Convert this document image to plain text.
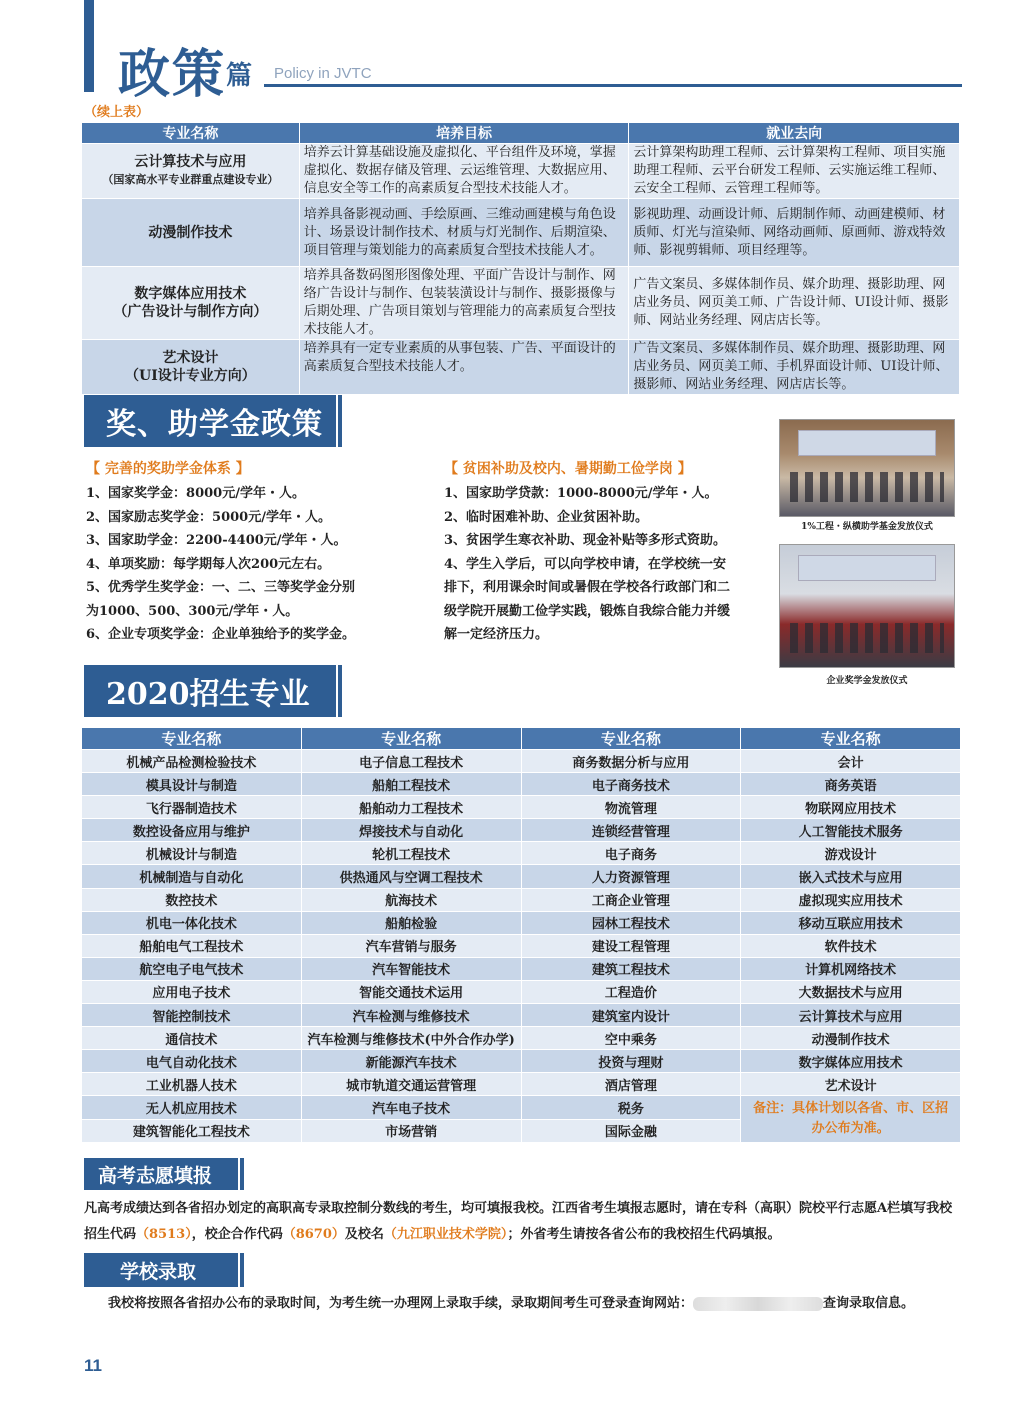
政策 篇 Policy in JVTC
（续上表）
专业名称	培养目标	就业去向
云计算技术与应用
（国家高水平专业群重点建设专业）	培养云计算基础设施及虚拟化、平台组件及环境，掌握虚拟化、数据存储及管理、云运维管理、大数据应用、信息安全等工作的高素质复合型技术技能人才。	云计算架构助理工程师、云计算架构工程师、项目实施助理工程师、云平台研发工程师、云实施运维工程师、云安全工程师、云管理工程师等。
动漫制作技术	培养具备影视动画、手绘原画、三维动画建模与角色设计、场景设计制作技术、材质与灯光制作、后期渲染、项目管理与策划能力的高素质复合型技术技能人才。	影视助理、动画设计师、后期制作师、动画建模师、材质师、灯光与渲染师、网络动画师、原画师、游戏特效师、影视剪辑师、项目经理等。
数字媒体应用技术
（广告设计与制作方向）	培养具备数码图形图像处理、平面广告设计与制作、网络广告设计与制作、包装装潢设计与制作、摄影摄像与后期处理、广告项目策划与管理能力的高素质复合型技术技能人才。	广告文案员、多媒体制作员、媒介助理、摄影助理、网店业务员、网页美工师、广告设计师、UI设计师、摄影师、网站业务经理、网店店长等。
艺术设计
（UI设计专业方向）	培养具有一定专业素质的从事包装、广告、平面设计的高素质复合型技术技能人才。	广告文案员、多媒体制作员、媒介助理、摄影助理、网店业务员、网页美工师、手机界面设计师、UI设计师、摄影师、网站业务经理、网店店长等。
奖、助学金政策
【 完善的奖助学金体系 】
1、国家奖学金：8000元/学年・人。
2、国家励志奖学金：5000元/学年・人。
3、国家助学金：2200-4400元/学年・人。
4、单项奖励：每学期每人次200元左右。
5、优秀学生奖学金：一、二、三等奖学金分别
为1000、500、300元/学年・人。
6、企业专项奖学金：企业单独给予的奖学金。
【 贫困补助及校内、暑期勤工俭学岗 】
1、国家助学贷款：1000-8000元/学年・人。
2、临时困难补助、企业贫困补助。
3、贫困学生寒衣补助、现金补贴等多形式资助。
4、学生入学后，可以向学校申请，在学校统一安
排下，利用课余时间或暑假在学校各行政部门和二
级学院开展勤工俭学实践，锻炼自我综合能力并缓
解一定经济压力。
1%工程・纵横助学基金发放仪式
企业奖学金发放仪式
2020招生专业
专业名称	专业名称	专业名称	专业名称
机械产品检测检验技术	电子信息工程技术	商务数据分析与应用	会计
模具设计与制造	船舶工程技术	电子商务技术	商务英语
飞行器制造技术	船舶动力工程技术	物流管理	物联网应用技术
数控设备应用与维护	焊接技术与自动化	连锁经营管理	人工智能技术服务
机械设计与制造	轮机工程技术	电子商务	游戏设计
机械制造与自动化	供热通风与空调工程技术	人力资源管理	嵌入式技术与应用
数控技术	航海技术	工商企业管理	虚拟现实应用技术
机电一体化技术	船舶检验	园林工程技术	移动互联应用技术
船舶电气工程技术	汽车营销与服务	建设工程管理	软件技术
航空电子电气技术	汽车智能技术	建筑工程技术	计算机网络技术
应用电子技术	智能交通技术运用	工程造价	大数据技术与应用
智能控制技术	汽车检测与维修技术	建筑室内设计	云计算技术与应用
通信技术	汽车检测与维修技术(中外合作办学)	空中乘务	动漫制作技术
电气自动化技术	新能源汽车技术	投资与理财	数字媒体应用技术
工业机器人技术	城市轨道交通运营管理	酒店管理	艺术设计
无人机应用技术	汽车电子技术	税务	备注：具体计划以各省、市、区招办公布为准。
建筑智能化工程技术	市场营销	国际金融	
高考志愿填报
凡高考成绩达到各省招办划定的高职高专录取控制分数线的考生，均可填报我校。江西省考生填报志愿时，请在专科（高职）院校平行志愿A栏填写我校招生代码（8513），校企合作代码（8670）及校名（九江职业技术学院）；外省考生请按各省公布的我校招生代码填报。
学校录取
我校将按照各省招办公布的录取时间，为考生统一办理网上录取手续，录取期间考生可登录查询网站：	查询录取信息。
11
